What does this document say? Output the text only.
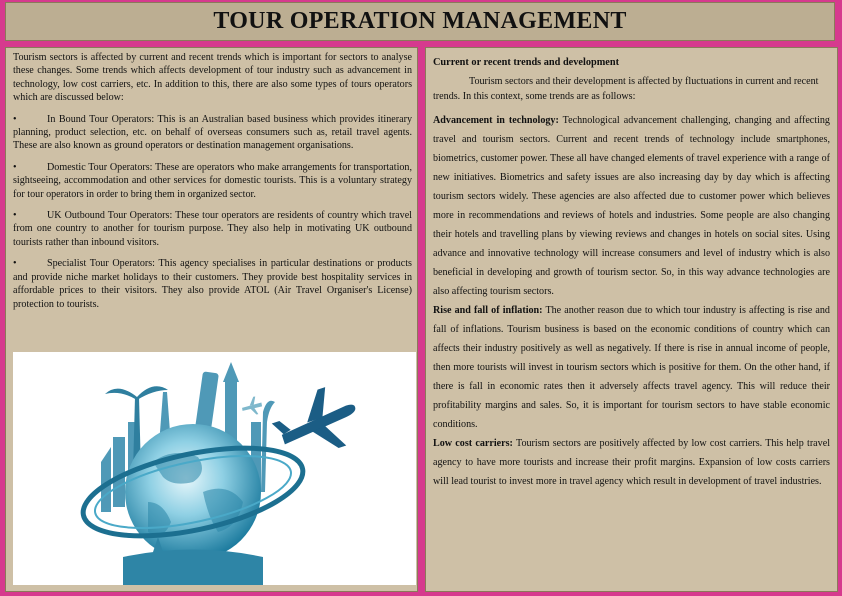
TOUR OPERATION MANAGEMENT

Tourism sectors is affected by current and recent trends which is important for sectors to analyse these changes. Some trends which affects development of tour industry such as advancement in technology, low cost carriers, etc. In addition to this, there are also some types of tours operators which are discussed below:

•	In Bound Tour Operators: This is an Australian based business which provides itinerary planning, product selection, etc. on behalf of overseas consumers such as, retail travel agents. These are also known as ground operators or destination management organisations.

•	Domestic Tour Operators: These are operators who make arrangements for transportation, sightseeing, accommodation and other services for domestic tourists. This is a voluntary strategy for tour operators in order to bring them in organized sector.

•	UK Outbound Tour Operators: These tour operators are residents of country which travel from one country to another for tourism purpose. They also help in motivating UK outbound tourists rather than inbound visitors.

•	Specialist Tour Operators: This agency specialises in particular destinations or products and provide niche market holidays to their customers. They provide best hospitality services in affordable prices to their visitors. They also provide ATOL (Air Travel Organiser's License) protection to tourists.

Current or recent trends and development

Tourism sectors and their development is affected by fluctuations in current and recent trends. In this context, some trends are as follows:

Advancement in technology: Technological advancement challenging, changing and affecting travel and tourism sectors. Current and recent trends of technology include smartphones, biometrics, customer power. These all have changed elements of travel experience with a range of new initiatives. Biometrics and safety issues are also increasing day by day which is affecting tourism sectors widely. These agencies are also affected due to customer power which believes more in recommendations and reviews of hotels and industries. Some people are also changing their hotels and travelling plans by viewing reviews and changes in hotels on social sites. Using advance and innovative technology will increase consumers and level of industry which is also beneficial in developing and growth of tourism sector. So, in this way advance technologies are also affecting tourism sectors.

Rise and fall of inflation: The another reason due to which tour industry is affecting is rise and fall of inflations. Tourism business is based on the economic conditions of country which can affects their industry positively as well as negatively. If there is rise in annual income of people, then more tourists will invest in tourism sectors which is positive for them. On the other hand, if there is fall in economic rates then it adversely affects travel agency. This will reduce their profitability margins and sales. So, it is important for tourism sectors to have stable economic conditions.

Low cost carriers: Tourism sectors are positively affected by low cost carriers. This help travel agency to have more tourists and increase their profit margins. Expansion of low costs carriers will lead tourist to invest more in travel agency which result in development of travel industries.
